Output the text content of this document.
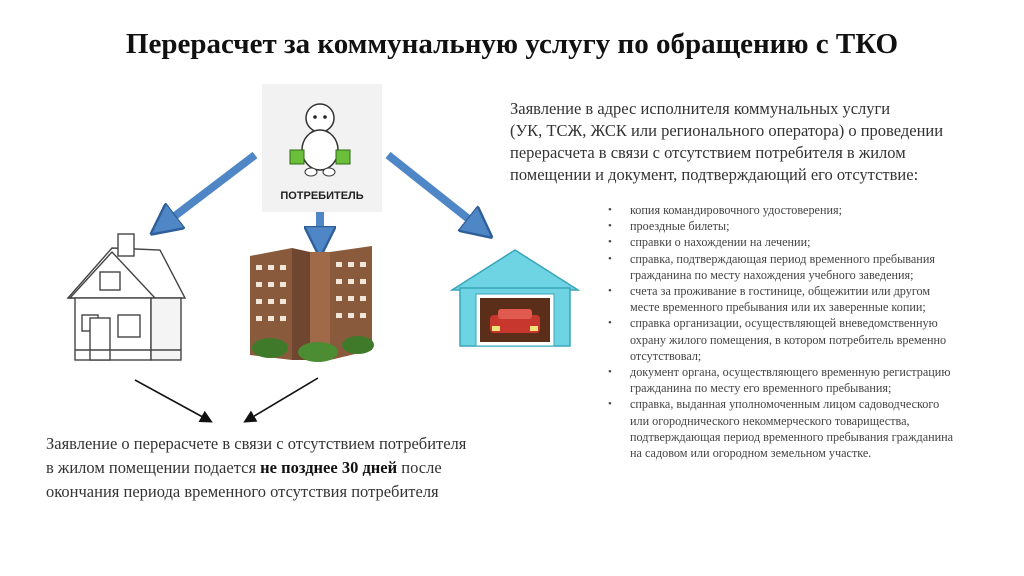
Перерасчет за коммунальную услугу по обращению с ТКО
ПОТРЕБИТЕЛЬ
Заявление в адрес исполнителя коммунальных услуги
(УК, ТСЖ, ЖСК или регионального оператора) о проведении
перерасчета в связи с отсутствием потребителя в жилом
помещении и документ, подтверждающий его отсутствие:
• копия командировочного удостоверения;
• проездные билеты;
• справки о нахождении на лечении;
• справка, подтверждающая период временного пребывания
гражданина по месту нахождения учебного заведения;
• счета за проживание в гостинице, общежитии или другом
месте временного пребывания или их заверенные копии;
• справка организации, осуществляющей вневедомственную
охрану жилого помещения, в котором потребитель временно
отсутствовал;
• документ органа, осуществляющего временную регистрацию
гражданина по месту его временного пребывания;
• справка, выданная уполномоченным лицом садоводческого
или огороднического некоммерческого товарищества,
подтверждающая период временного пребывания гражданина
на садовом или огородном земельном участке.
Заявление о перерасчете в связи с отсутствием потребителя
в жилом помещении подается не позднее 30 дней после
окончания периода временного отсутствия потребителя
